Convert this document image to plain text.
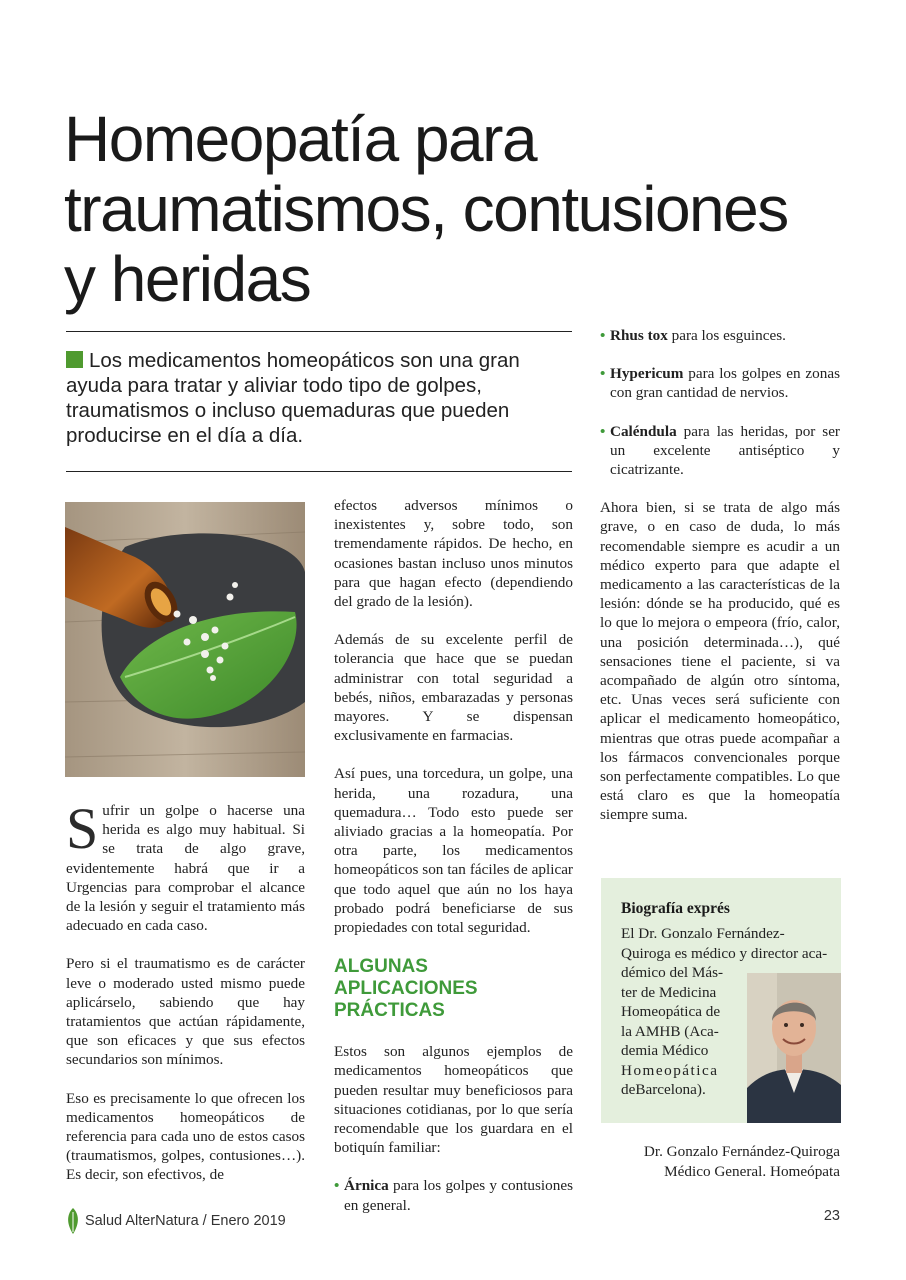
Homeopatía para
traumatismos, contusiones
y heridas

Los medicamentos homeopáticos son una gran ayuda para tratar y aliviar todo tipo de golpes, traumatismos o incluso quemaduras que pueden producirse en el día a día.

Sufrir un golpe o hacerse una herida es algo muy habitual. Si se trata de algo grave, evidentemente habrá que ir a Urgencias para comprobar el alcance de la lesión y seguir el tratamiento más adecuado en cada caso.

Pero si el traumatismo es de carácter leve o moderado usted mismo puede aplicárselo, sabiendo que hay tratamientos que actúan rápidamente, que son eficaces y que sus efectos secundarios son mínimos.

Eso es precisamente lo que ofrecen los medicamentos homeopáticos de referencia para cada uno de estos casos (traumatismos, golpes, contusiones…). Es decir, son efectivos, de

efectos adversos mínimos o inexistentes y, sobre todo, son tremendamente rápidos. De hecho, en ocasiones bastan incluso unos minutos para que hagan efecto (dependiendo del grado de la lesión).

Además de su excelente perfil de tolerancia que hace que se puedan administrar con total seguridad a bebés, niños, embarazadas y personas mayores. Y se dispensan exclusivamente en farmacias.

Así pues, una torcedura, un golpe, una herida, una rozadura, una quemadura… Todo esto puede ser aliviado gracias a la homeopatía. Por otra parte, los medicamentos homeopáticos son tan fáciles de aplicar que todo aquel que aún no los haya probado podrá beneficiarse de sus propiedades con total seguridad.

ALGUNAS APLICACIONES PRÁCTICAS

Estos son algunos ejemplos de medicamentos homeopáticos que pueden resultar muy beneficiosos para situaciones cotidianas, por lo que sería recomendable que los guardara en el botiquín familiar:

• Árnica para los golpes y contusiones en general.

• Rhus tox para los esguinces.

• Hypericum para los golpes en zonas con gran cantidad de nervios.

• Caléndula para las heridas, por ser un excelente antiséptico y cicatrizante.

Ahora bien, si se trata de algo más grave, o en caso de duda, lo más recomendable siempre es acudir a un médico experto para que adapte el medicamento a las características de la lesión: dónde se ha producido, qué es lo que lo mejora o empeora (frío, calor, una posición determinada…), qué sensaciones tiene el paciente, si va acompañado de algún otro síntoma, etc. Unas veces será suficiente con aplicar el medicamento homeopático, mientras que otras puede acompañar a los fármacos convencionales porque son perfectamente compatibles. Lo que está claro es que la homeopatía siempre suma.

Biografía exprés
El Dr. Gonzalo Fernández-Quiroga es médico y director aca-
démico del Más-
ter de Medicina
Homeopática de
la AMHB (Aca-
demia Médico
Homeopática
deBarcelona).
Dr. Gonzalo Fernández-Quiroga
Médico General. Homeópata
Salud AlterNatura / Enero 2019	23
